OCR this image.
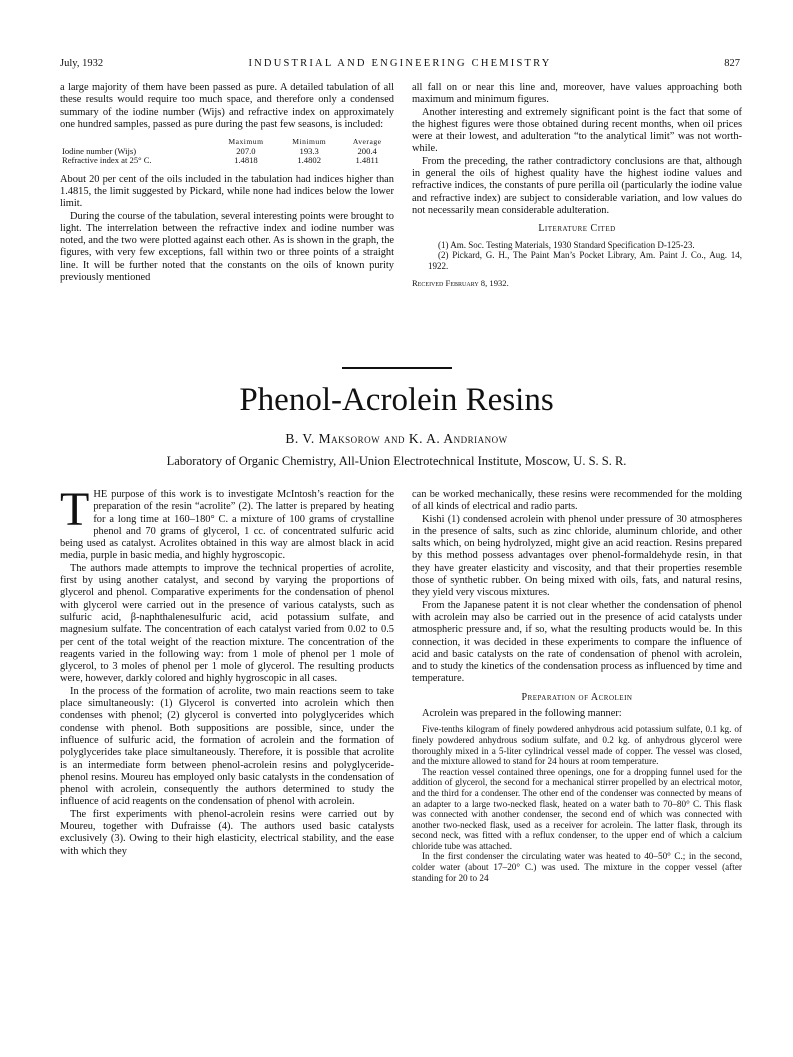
July, 1932	INDUSTRIAL AND ENGINEERING CHEMISTRY	827

a large majority of them have been passed as pure. A detailed tabulation of all these results would require too much space, and therefore only a condensed summary of the iodine number (Wijs) and refractive index on approximately one hundred samples, passed as pure during the past few seasons, is included:

	Maximum	Minimum	Average
Iodine number (Wijs)	207.0	193.3	200.4
Refractive index at 25° C.	1.4818	1.4802	1.4811

About 20 per cent of the oils included in the tabulation had indices higher than 1.4815, the limit suggested by Pickard, while none had indices below the lower limit.

During the course of the tabulation, several interesting points were brought to light. The interrelation between the refractive index and iodine number was noted, and the two were plotted against each other. As is shown in the graph, the figures, with very few exceptions, fall within two or three points of a straight line. It will be further noted that the constants on the oils of known purity previously mentioned

all fall on or near this line and, moreover, have values approaching both maximum and minimum figures.

Another interesting and extremely significant point is the fact that some of the highest figures were those obtained during recent months, when oil prices were at their lowest, and adulteration “to the analytical limit” was not worth-while.

From the preceding, the rather contradictory conclusions are that, although in general the oils of highest quality have the highest iodine values and refractive indices, the constants of pure perilla oil (particularly the iodine value and refractive index) are subject to considerable variation, and low values do not necessarily mean considerable adulteration.

Literature Cited

(1) Am. Soc. Testing Materials, 1930 Standard Specification D-125-23.

(2) Pickard, G. H., The Paint Man’s Pocket Library, Am. Paint J. Co., Aug. 14, 1922.

Received February 8, 1932.
Phenol-Acrolein Resins
B. V. Maksorow and K. A. Andrianow
Laboratory of Organic Chemistry, All-Union Electrotechnical Institute, Moscow, U. S. S. R.

THE purpose of this work is to investigate McIntosh’s reaction for the preparation of the resin “acrolite” (2). The latter is prepared by heating for a long time at 160–180° C. a mixture of 100 grams of crystalline phenol and 70 grams of glycerol, 1 cc. of concentrated sulfuric acid being used as catalyst. Acrolites obtained in this way are almost black in acid media, purple in basic media, and highly hygroscopic.

The authors made attempts to improve the technical properties of acrolite, first by using another catalyst, and second by varying the proportions of glycerol and phenol. Comparative experiments for the condensation of phenol with glycerol were carried out in the presence of various catalysts, such as sulfuric acid, β-naphthalenesulfuric acid, acid potassium sulfate, and magnesium sulfate. The concentration of each catalyst varied from 0.02 to 0.5 per cent of the total weight of the reaction mixture. The concentration of the reagents varied in the following way: from 1 mole of phenol per 1 mole of glycerol, to 3 moles of phenol per 1 mole of glycerol. The resulting products were, however, darkly colored and highly hygroscopic in all cases.

In the process of the formation of acrolite, two main reactions seem to take place simultaneously: (1) Glycerol is converted into acrolein which then condenses with phenol; (2) glycerol is converted into polyglycerides which condense with phenol. Both suppositions are possible, since, under the influence of sulfuric acid, the formation of acrolein and the formation of polyglycerides take place simultaneously. Therefore, it is possible that acrolite is an intermediate form between phenol-acrolein resins and polyglyceride-phenol resins. Moureu has employed only basic catalysts in the condensation of phenol with acrolein, consequently the authors determined to study the influence of acid reagents on the condensation of phenol with acrolein.

The first experiments with phenol-acrolein resins were carried out by Moureu, together with Dufraisse (4). The authors used basic catalysts exclusively (3). Owing to their high elasticity, electrical stability, and the ease with which they

can be worked mechanically, these resins were recommended for the molding of all kinds of electrical and radio parts.

Kishi (1) condensed acrolein with phenol under pressure of 30 atmospheres in the presence of salts, such as zinc chloride, aluminum chloride, and other salts which, on being hydrolyzed, might give an acid reaction. Resins prepared by this method possess advantages over phenol-formaldehyde resin, in that they have greater elasticity and viscosity, and that their properties resemble those of synthetic rubber. On being mixed with oils, fats, and natural resins, they yield very viscous mixtures.

From the Japanese patent it is not clear whether the condensation of phenol with acrolein may also be carried out in the presence of acid catalysts under atmospheric pressure and, if so, what the resulting products would be. In this connection, it was decided in these experiments to compare the influence of acid and basic catalysts on the rate of condensation of phenol with acrolein, and to study the kinetics of the condensation process as influenced by time and temperature.

Preparation of Acrolein

Acrolein was prepared in the following manner:

Five-tenths kilogram of finely powdered anhydrous acid potassium sulfate, 0.1 kg. of finely powdered anhydrous sodium sulfate, and 0.2 kg. of anhydrous glycerol were thoroughly mixed in a 5-liter cylindrical vessel made of copper. The vessel was closed, and the mixture allowed to stand for 24 hours at room temperature.

The reaction vessel contained three openings, one for a dropping funnel used for the addition of glycerol, the second for a mechanical stirrer propelled by an electrical motor, and the third for a condenser. The other end of the condenser was connected by means of an adapter to a large two-necked flask, heated on a water bath to 70–80° C. This flask was connected with another condenser, the second end of which was connected with another two-necked flask, used as a receiver for acrolein. The latter flask, through its second neck, was fitted with a reflux condenser, to the upper end of which a calcium chloride tube was attached.

In the first condenser the circulating water was heated to 40–50° C.; in the second, colder water (about 17–20° C.) was used. The mixture in the copper vessel (after standing for 20 to 24
